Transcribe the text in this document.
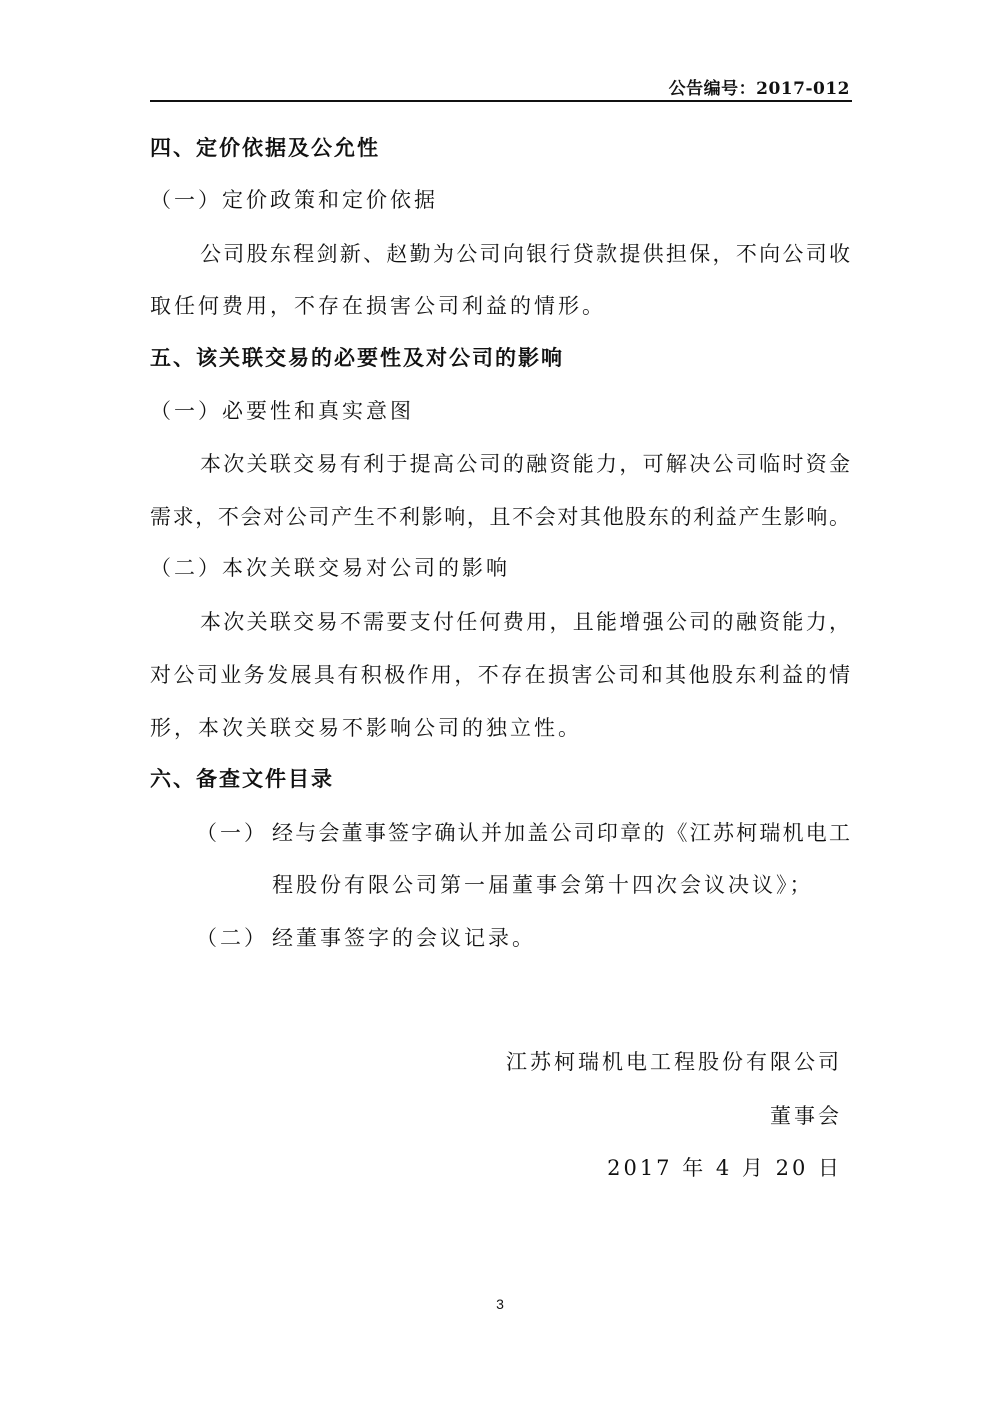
公告编号：2017-012
四、定价依据及公允性
（一）定价政策和定价依据
公司股东程剑新、赵勤为公司向银行贷款提供担保，不向公司收
取任何费用，不存在损害公司利益的情形。
五、该关联交易的必要性及对公司的影响
（一）必要性和真实意图
本次关联交易有利于提高公司的融资能力，可解决公司临时资金
需求，不会对公司产生不利影响，且不会对其他股东的利益产生影响。
（二）本次关联交易对公司的影响
本次关联交易不需要支付任何费用，且能增强公司的融资能力，
对公司业务发展具有积极作用，不存在损害公司和其他股东利益的情
形，本次关联交易不影响公司的独立性。
六、备查文件目录
（一） 经与会董事签字确认并加盖公司印章的《江苏柯瑞机电工
程股份有限公司第一届董事会第十四次会议决议》；
（二） 经董事签字的会议记录。
江苏柯瑞机电工程股份有限公司
董事会
2017 年 4 月 20 日
3
